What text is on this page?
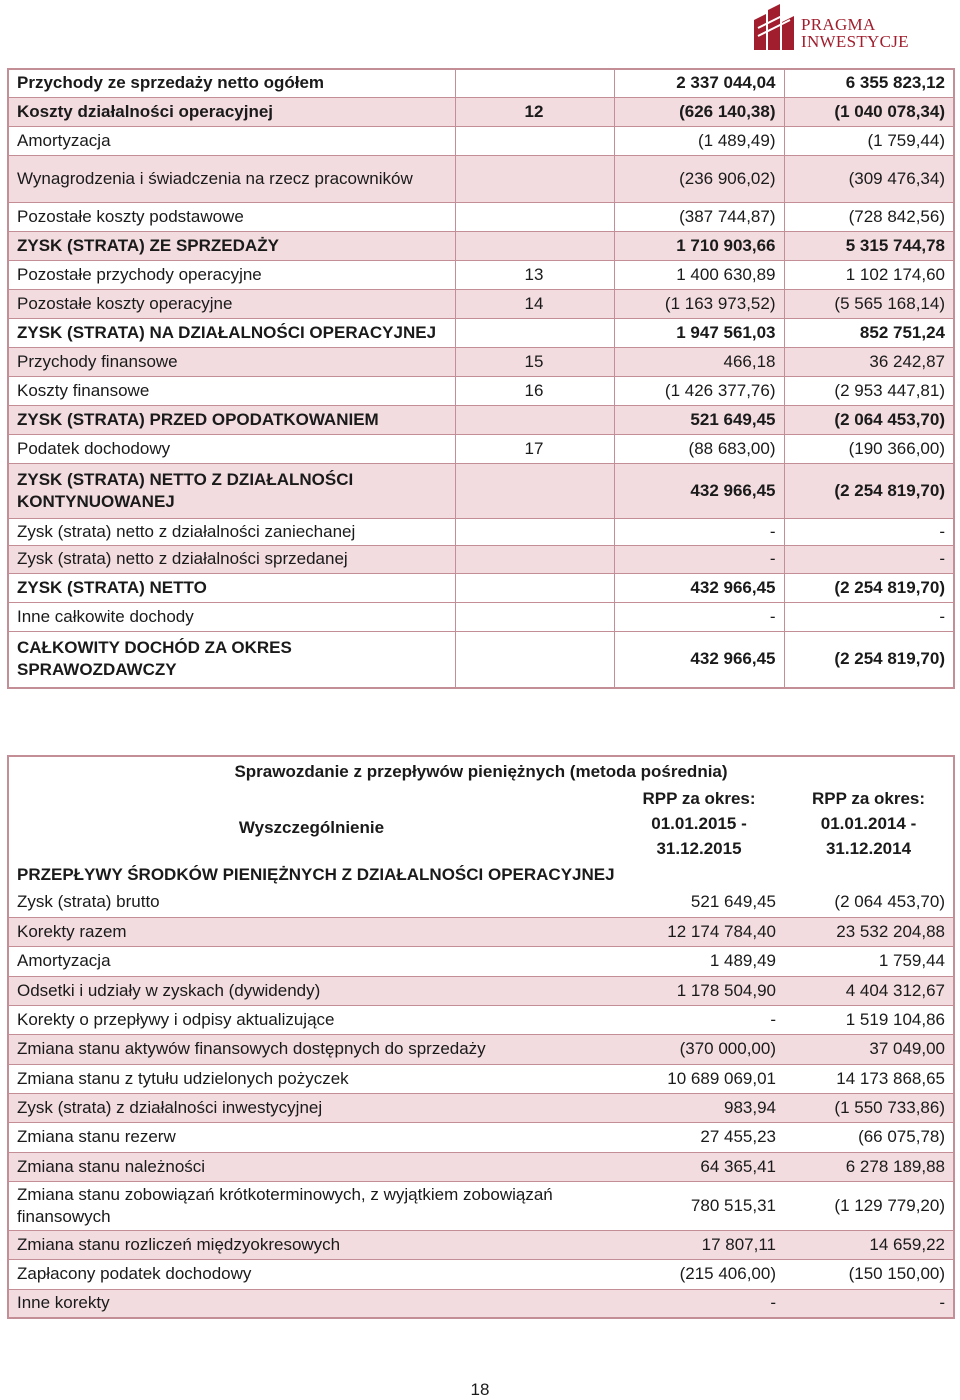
PRAGMA
INWESTYCJE
Przychody ze sprzedaży netto ogółem		2 337 044,04	6 355 823,12
Koszty działalności operacyjnej	12	(626 140,38)	(1 040 078,34)
Amortyzacja		(1 489,49)	(1 759,44)
Wynagrodzenia i świadczenia na rzecz pracowników		(236 906,02)	(309 476,34)
Pozostałe koszty podstawowe		(387 744,87)	(728 842,56)
ZYSK (STRATA) ZE SPRZEDAŻY		1 710 903,66	5 315 744,78
Pozostałe przychody operacyjne	13	1 400 630,89	1 102 174,60
Pozostałe koszty operacyjne	14	(1 163 973,52)	(5 565 168,14)
ZYSK (STRATA) NA DZIAŁALNOŚCI OPERACYJNEJ		1 947 561,03	852 751,24
Przychody finansowe	15	466,18	36 242,87
Koszty finansowe	16	(1 426 377,76)	(2 953 447,81)
ZYSK (STRATA) PRZED OPODATKOWANIEM		521 649,45	(2 064 453,70)
Podatek dochodowy	17	(88 683,00)	(190 366,00)
ZYSK (STRATA) NETTO Z DZIAŁALNOŚCI KONTYNUOWANEJ		432 966,45	(2 254 819,70)
Zysk (strata) netto z działalności zaniechanej		-	-
Zysk (strata) netto z działalności sprzedanej		-	-
ZYSK (STRATA) NETTO		432 966,45	(2 254 819,70)
Inne całkowite dochody		-	-
CAŁKOWITY DOCHÓD ZA OKRES SPRAWOZDAWCZY		432 966,45	(2 254 819,70)
Sprawozdanie z przepływów pieniężnych (metoda pośrednia)		
Wyszczególnienie	RPP za okres: 01.01.2015 - 31.12.2015	RPP za okres: 01.01.2014 - 31.12.2014
PRZEPŁYWY ŚRODKÓW PIENIĘŻNYCH Z DZIAŁALNOŚCI OPERACYJNEJ		
Zysk (strata) brutto	521 649,45	(2 064 453,70)
Korekty razem	12 174 784,40	23 532 204,88
Amortyzacja	1 489,49	1 759,44
Odsetki i udziały w zyskach (dywidendy)	1 178 504,90	4 404 312,67
Korekty o przepływy i odpisy aktualizujące	-	1 519 104,86
Zmiana stanu aktywów finansowych dostępnych do sprzedaży	(370 000,00)	37 049,00
Zmiana stanu z tytułu udzielonych pożyczek	10 689 069,01	14 173 868,65
Zysk (strata) z działalności inwestycyjnej	983,94	(1 550 733,86)
Zmiana stanu rezerw	27 455,23	(66 075,78)
Zmiana stanu należności	64 365,41	6 278 189,88
Zmiana stanu zobowiązań krótkoterminowych, z wyjątkiem zobowiązań finansowych	780 515,31	(1 129 779,20)
Zmiana stanu rozliczeń międzyokresowych	17 807,11	14 659,22
Zapłacony podatek dochodowy	(215 406,00)	(150 150,00)
Inne korekty	-	-
18
